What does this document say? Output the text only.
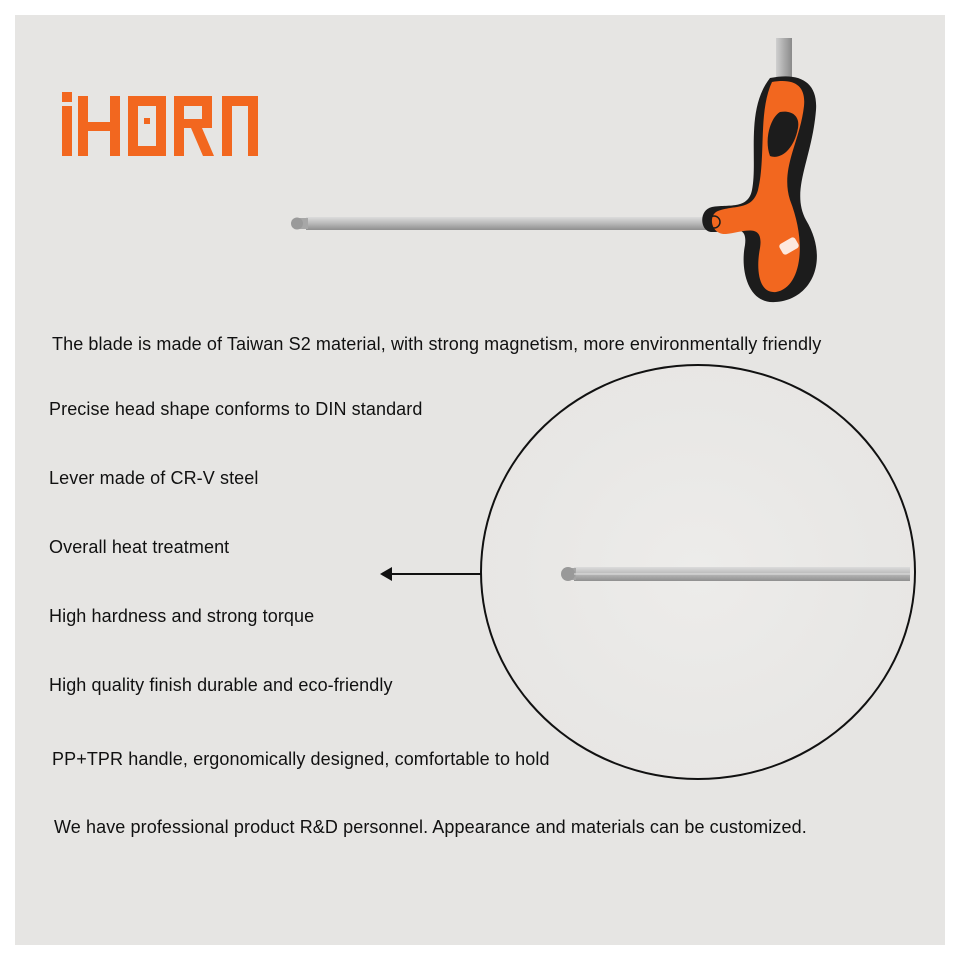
The blade is made of Taiwan S2 material, with strong magnetism, more environmentally friendly
Precise head shape conforms to DIN standard
Lever made of CR-V steel
Overall heat treatment
High hardness and strong torque
High quality finish durable and eco-friendly
PP+TPR handle, ergonomically designed, comfortable to hold
We have professional product R&D personnel. Appearance and materials can be customized.
